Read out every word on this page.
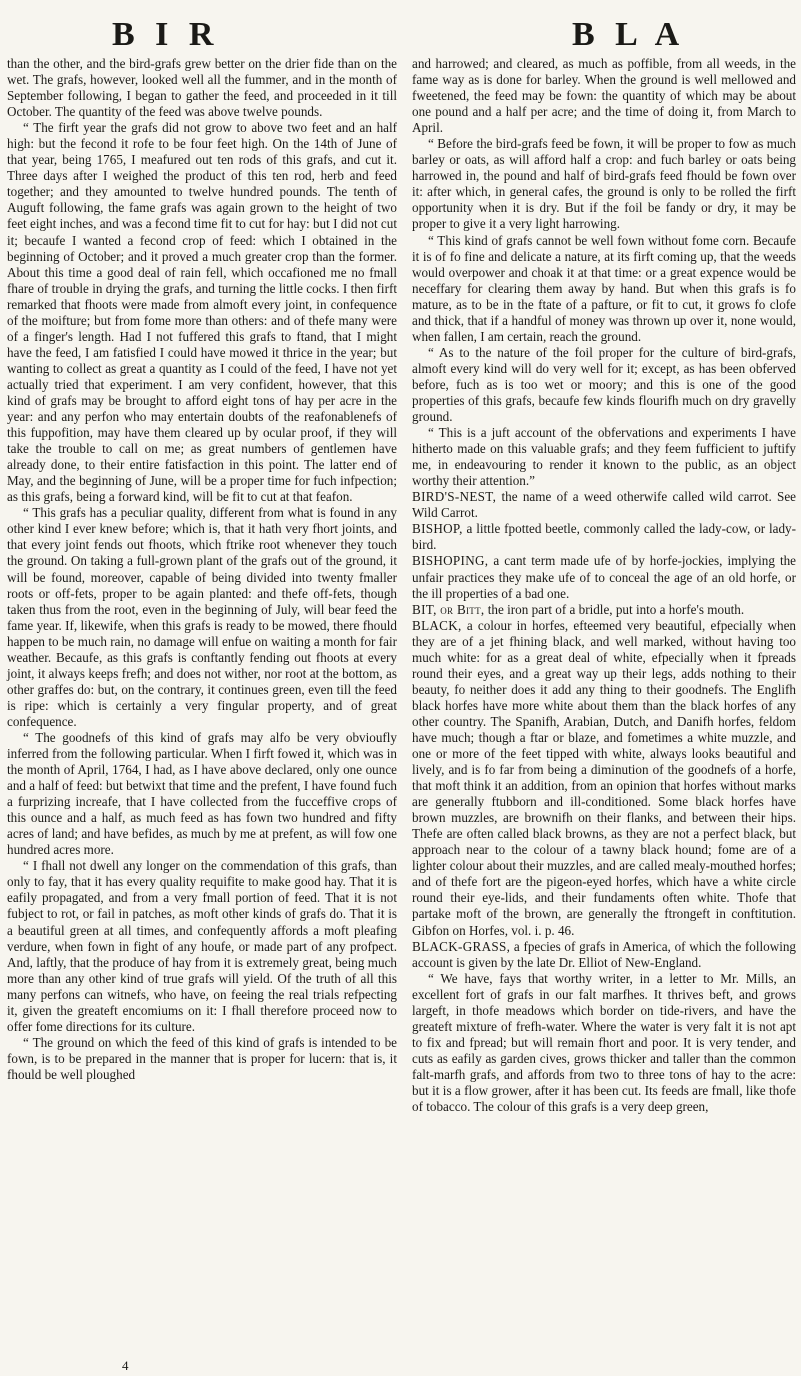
B I R	B L A

than the other, and the bird-grafs grew better on the drier fide than on the wet. The grafs, however, looked well all the fummer, and in the month of September following, I began to gather the feed, and proceeded in it till October. The quantity of the feed was above twelve pounds.

“ The firft year the grafs did not grow to above two feet and an half high: but the fecond it rofe to be four feet high. On the 14th of June of that year, being 1765, I meafured out ten rods of this grafs, and cut it. Three days after I weighed the product of this ten rod, herb and feed together; and they amounted to twelve hundred pounds. The tenth of Auguft following, the fame grafs was again grown to the height of two feet eight inches, and was a fecond time fit to cut for hay: but I did not cut it; becaufe I wanted a fecond crop of feed: which I obtained in the beginning of October; and it proved a much greater crop than the former. About this time a good deal of rain fell, which occafioned me no fmall fhare of trouble in drying the grafs, and turning the little cocks. I then firft remarked that fhoots were made from almoft every joint, in confequence of the moifture; but from fome more than others: and of thefe many were of a finger's length. Had I not fuffered this grafs to ftand, that I might have the feed, I am fatisfied I could have mowed it thrice in the year; but wanting to collect as great a quantity as I could of the feed, I have not yet actually tried that experiment. I am very confident, however, that this kind of grafs may be brought to afford eight tons of hay per acre in the year: and any perfon who may entertain doubts of the reafonablenefs of this fuppofition, may have them cleared up by ocular proof, if they will take the trouble to call on me; as great numbers of gentlemen have already done, to their entire fatisfaction in this point. The latter end of May, and the beginning of June, will be a proper time for fuch infpection; as this grafs, being a forward kind, will be fit to cut at that feafon.

“ This grafs has a peculiar quality, different from what is found in any other kind I ever knew before; which is, that it hath very fhort joints, and that every joint fends out fhoots, which ftrike root whenever they touch the ground. On taking a full-grown plant of the grafs out of the ground, it will be found, moreover, capable of being divided into twenty fmaller roots or off-fets, proper to be again planted: and thefe off-fets, though taken thus from the root, even in the beginning of July, will bear feed the fame year. If, likewife, when this grafs is ready to be mowed, there fhould happen to be much rain, no damage will enfue on waiting a month for fair weather. Becaufe, as this grafs is conftantly fending out fhoots at every joint, it always keeps frefh; and does not wither, nor root at the bottom, as other graffes do: but, on the contrary, it continues green, even till the feed is ripe: which is certainly a very fingular property, and of great confequence.

“ The goodnefs of this kind of grafs may alfo be very obvioufly inferred from the following particular. When I firft fowed it, which was in the month of April, 1764, I had, as I have above declared, only one ounce and a half of feed: but betwixt that time and the prefent, I have found fuch a furprizing increafe, that I have collected from the fucceffive crops of this ounce and a half, as much feed as has fown two hundred and fifty acres of land; and have befides, as much by me at prefent, as will fow one hundred acres more.

“ I fhall not dwell any longer on the commendation of this grafs, than only to fay, that it has every quality requifite to make good hay. That it is eafily propagated, and from a very fmall portion of feed. That it is not fubject to rot, or fail in patches, as moft other kinds of grafs do. That it is a beautiful green at all times, and confequently affords a moft pleafing verdure, when fown in fight of any houfe, or made part of any profpect. And, laftly, that the produce of hay from it is extremely great, being much more than any other kind of true grafs will yield. Of the truth of all this many perfons can witnefs, who have, on feeing the real trials refpecting it, given the greateft encomiums on it: I fhall therefore proceed now to offer fome directions for its culture.

“ The ground on which the feed of this kind of grafs is intended to be fown, is to be prepared in the manner that is proper for lucern: that is, it fhould be well ploughed

and harrowed; and cleared, as much as poffible, from all weeds, in the fame way as is done for barley. When the ground is well mellowed and fweetened, the feed may be fown: the quantity of which may be about one pound and a half per acre; and the time of doing it, from March to April.

“ Before the bird-grafs feed be fown, it will be proper to fow as much barley or oats, as will afford half a crop: and fuch barley or oats being harrowed in, the pound and half of bird-grafs feed fhould be fown over it: after which, in general cafes, the ground is only to be rolled the firft opportunity when it is dry. But if the foil be fandy or dry, it may be proper to give it a very light harrowing.

“ This kind of grafs cannot be well fown without fome corn. Becaufe it is of fo fine and delicate a nature, at its firft coming up, that the weeds would overpower and choak it at that time: or a great expence would be neceffary for clearing them away by hand. But when this grafs is fo mature, as to be in the ftate of a pafture, or fit to cut, it grows fo clofe and thick, that if a handful of money was thrown up over it, none would, when fallen, I am certain, reach the ground.

“ As to the nature of the foil proper for the culture of bird-grafs, almoft every kind will do very well for it; except, as has been obferved before, fuch as is too wet or moory; and this is one of the good properties of this grafs, becaufe few kinds flourifh much on dry gravelly ground.

“ This is a juft account of the obfervations and experiments I have hitherto made on this valuable grafs; and they feem fufficient to juftify me, in endeavouring to render it known to the public, as an object worthy their attention.”

BIRD'S-NEST, the name of a weed otherwife called wild carrot. See Wild Carrot.

BISHOP, a little fpotted beetle, commonly called the lady-cow, or lady-bird.

BISHOPING, a cant term made ufe of by horfe-jockies, implying the unfair practices they make ufe of to conceal the age of an old horfe, or the ill properties of a bad one.

BIT, or Bitt, the iron part of a bridle, put into a horfe's mouth.

BLACK, a colour in horfes, efteemed very beautiful, efpecially when they are of a jet fhining black, and well marked, without having too much white: for as a great deal of white, efpecially when it fpreads round their eyes, and a great way up their legs, adds nothing to their beauty, fo neither does it add any thing to their goodnefs. The Englifh black horfes have more white about them than the black horfes of any other country. The Spanifh, Arabian, Dutch, and Danifh horfes, feldom have much; though a ftar or blaze, and fometimes a white muzzle, and one or more of the feet tipped with white, always looks beautiful and lively, and is fo far from being a diminution of the goodnefs of a horfe, that moft think it an addition, from an opinion that horfes without marks are generally ftubborn and ill-conditioned. Some black horfes have brown muzzles, are brownifh on their flanks, and between their hips. Thefe are often called black browns, as they are not a perfect black, but approach near to the colour of a tawny black hound; fome are of a lighter colour about their muzzles, and are called mealy-mouthed horfes; and of thefe fort are the pigeon-eyed horfes, which have a white circle round their eye-lids, and their fundaments often white. Thofe that partake moft of the brown, are generally the ftrongeft in conftitution. Gibfon on Horfes, vol. i. p. 46.

BLACK-GRASS, a fpecies of grafs in America, of which the following account is given by the late Dr. Elliot of New-England.

“ We have, fays that worthy writer, in a letter to Mr. Mills, an excellent fort of grafs in our falt marfhes. It thrives beft, and grows largeft, in thofe meadows which border on tide-rivers, and have the greateft mixture of frefh-water. Where the water is very falt it is not apt to fix and fpread; but will remain fhort and poor. It is very tender, and cuts as eafily as garden cives, grows thicker and taller than the common falt-marfh grafs, and affords from two to three tons of hay to the acre: but it is a flow grower, after it has been cut. Its feeds are fmall, like thofe of tobacco. The colour of this grafs is a very deep green,

4
